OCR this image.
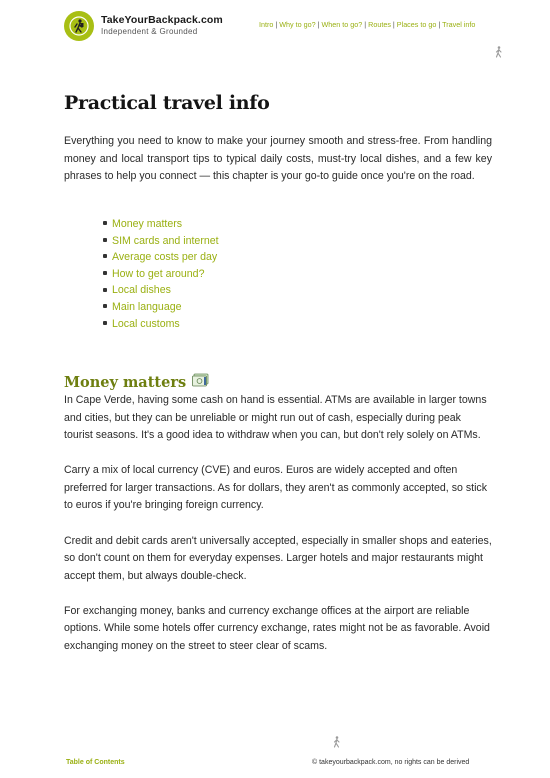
TakeYourBackpack.com
Independent & Grounded
Intro | Why to go? | When to go? | Routes | Places to go | Travel info
Practical travel info

Everything you need to know to make your journey smooth and stress-free. From handling money and local transport tips to typical daily costs, must-try local dishes, and a few key phrases to help you connect — this chapter is your go-to guide once you're on the road.

Money matters
SIM cards and internet
Average costs per day
How to get around?
Local dishes
Main language
Local customs
Money matters

In Cape Verde, having some cash on hand is essential. ATMs are available in larger towns and cities, but they can be unreliable or might run out of cash, especially during peak tourist seasons. It's a good idea to withdraw when you can, but don't rely solely on ATMs.

Carry a mix of local currency (CVE) and euros. Euros are widely accepted and often preferred for larger transactions. As for dollars, they aren't as commonly accepted, so stick to euros if you're bringing foreign currency.

Credit and debit cards aren't universally accepted, especially in smaller shops and eateries, so don't count on them for everyday expenses. Larger hotels and major restaurants might accept them, but always double-check.

For exchanging money, banks and currency exchange offices at the airport are reliable options. While some hotels offer currency exchange, rates might not be as favorable. Avoid exchanging money on the street to steer clear of scams.

Table of Contents	© takeyourbackpack.com, no rights can be derived
